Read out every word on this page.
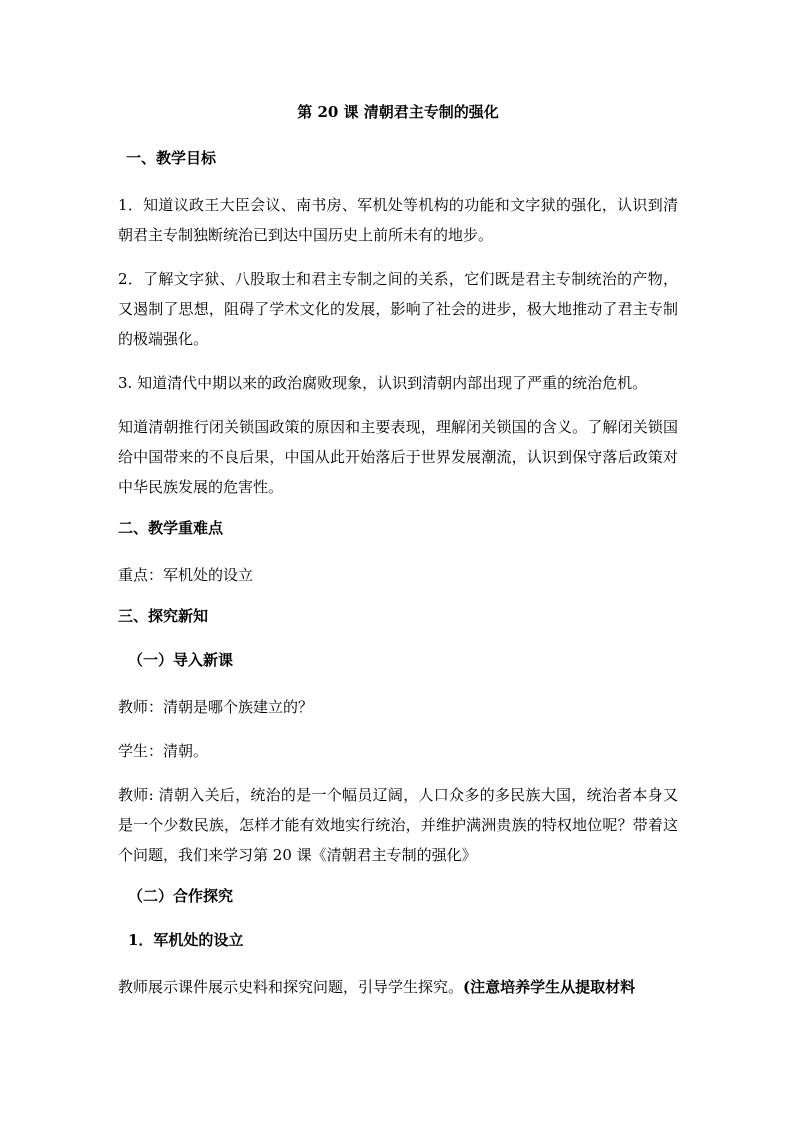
第 20 课 清朝君主专制的强化
一、教学目标
1．知道议政王大臣会议、南书房、军机处等机构的功能和文字狱的强化，认识到清朝君主专制独断统治已到达中国历史上前所未有的地步。
2．了解文字狱、八股取士和君主专制之间的关系，它们既是君主专制统治的产物，又遏制了思想，阻碍了学术文化的发展，影响了社会的进步，极大地推动了君主专制的极端强化。
3. 知道清代中期以来的政治腐败现象，认识到清朝内部出现了严重的统治危机。
知道清朝推行闭关锁国政策的原因和主要表现，理解闭关锁国的含义。了解闭关锁国给中国带来的不良后果，中国从此开始落后于世界发展潮流，认识到保守落后政策对中华民族发展的危害性。
二、教学重难点
重点：军机处的设立
三、探究新知
（一）导入新课
教师：清朝是哪个族建立的？
学生：清朝。
教师: 清朝入关后，统治的是一个幅员辽阔，人口众多的多民族大国，统治者本身又是一个少数民族，怎样才能有效地实行统治，并维护满洲贵族的特权地位呢？带着这个问题，我们来学习第 20 课《清朝君主专制的强化》
（二）合作探究
1．军机处的设立
教师展示课件展示史料和探究问题，引导学生探究。(注意培养学生从提取材料
